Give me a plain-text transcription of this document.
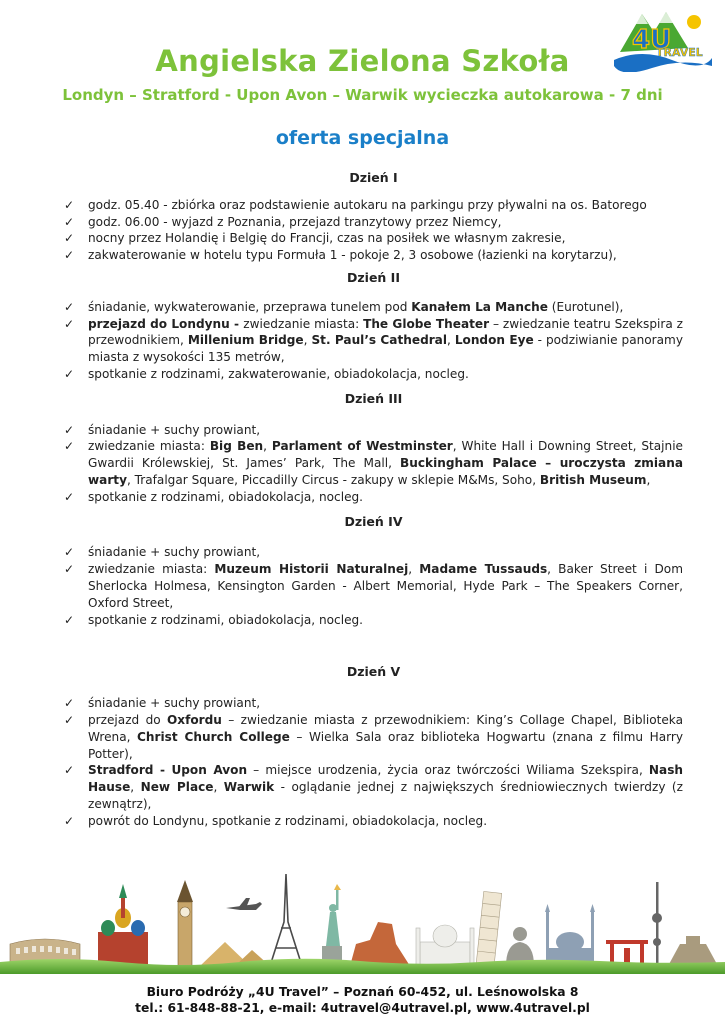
4U
TRAVEL
Angielska Zielona Szkoła
Londyn – Stratford - Upon Avon – Warwik wycieczka autokarowa - 7 dni
oferta specjalna
Dzień I
✓ godz. 05.40 - zbiórka oraz podstawienie autokaru na parkingu przy pływalni na os. Batorego
✓ godz. 06.00 - wyjazd z Poznania, przejazd tranzytowy przez Niemcy,
✓ nocny przez Holandię i Belgię do Francji, czas na posiłek we własnym zakresie,
✓ zakwaterowanie w hotelu typu Formuła 1 - pokoje 2, 3 osobowe (łazienki na korytarzu),
Dzień II
✓ śniadanie, wykwaterowanie, przeprawa tunelem pod Kanałem La Manche (Eurotunel),
✓ przejazd do Londynu - zwiedzanie miasta: The Globe Theater – zwiedzanie teatru Szekspira z przewodnikiem, Millenium Bridge, St. Paul’s Cathedral, London Eye - podziwianie panoramy miasta z wysokości 135 metrów,
✓ spotkanie z rodzinami, zakwaterowanie, obiadokolacja, nocleg.
Dzień III
✓ śniadanie + suchy prowiant,
✓ zwiedzanie miasta: Big Ben, Parlament of Westminster, White Hall i Downing Street, Stajnie Gwardii Królewskiej, St. James’ Park, The Mall, Buckingham Palace – uroczysta zmiana warty, Trafalgar Square, Piccadilly Circus - zakupy w sklepie M&Ms, Soho, British Museum,
✓ spotkanie z rodzinami, obiadokolacja, nocleg.
Dzień IV
✓ śniadanie + suchy prowiant,
✓ zwiedzanie miasta: Muzeum Historii Naturalnej, Madame Tussauds, Baker Street i Dom Sherlocka Holmesa, Kensington Garden - Albert Memorial, Hyde Park – The Speakers Corner, Oxford Street,
✓ spotkanie z rodzinami, obiadokolacja, nocleg.
Dzień V
✓ śniadanie + suchy prowiant,
✓ przejazd do Oxfordu – zwiedzanie miasta z przewodnikiem: King’s Collage Chapel, Biblioteka Wrena, Christ Church College – Wielka Sala oraz biblioteka Hogwartu (znana z filmu Harry Potter),
✓ Stradford - Upon Avon – miejsce urodzenia, życia oraz twórczości Wiliama Szekspira, Nash Hause, New Place, Warwik - oglądanie jednej z największych średniowiecznych twierdzy (z zewnątrz),
✓ powrót do Londynu, spotkanie z rodzinami, obiadokolacja, nocleg.
Biuro Podróży „4U Travel” – Poznań 60-452, ul. Leśnowolska 8
tel.: 61-848-88-21, e-mail: 4utravel@4utravel.pl, www.4utravel.pl
